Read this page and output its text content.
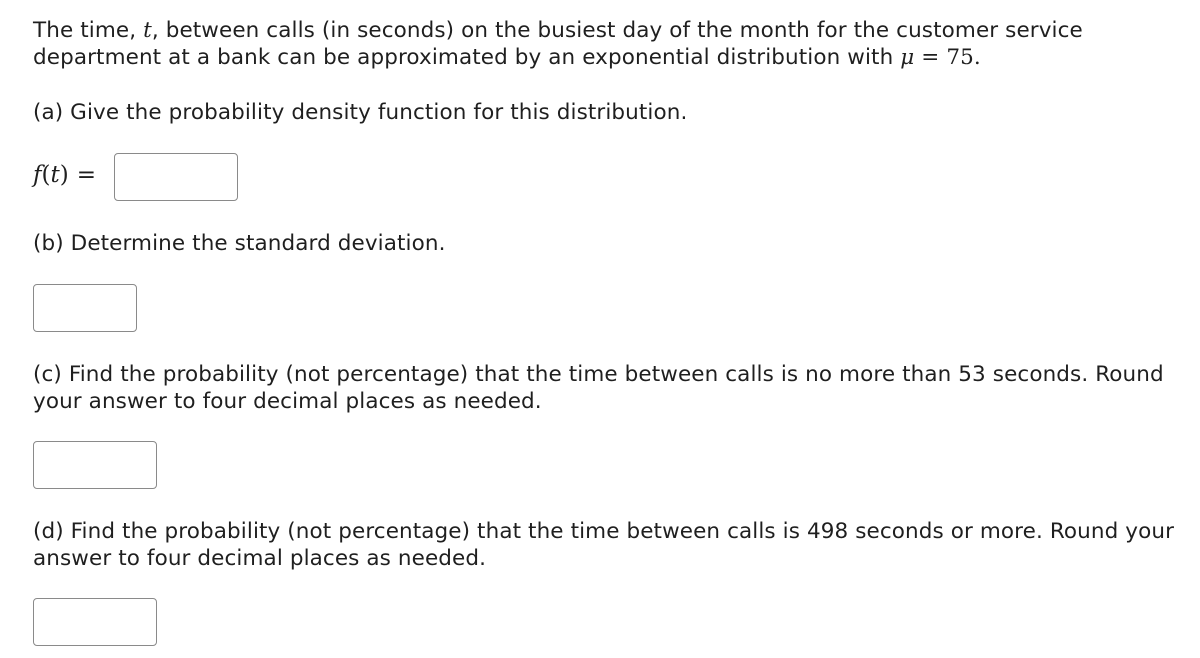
The time, t, between calls (in seconds) on the busiest day of the month for the customer service
department at a bank can be approximated by an exponential distribution with μ = 75.
(a) Give the probability density function for this distribution.
f(t) =
(b) Determine the standard deviation.
(c) Find the probability (not percentage) that the time between calls is no more than 53 seconds. Round
your answer to four decimal places as needed.
(d) Find the probability (not percentage) that the time between calls is 498 seconds or more. Round your
answer to four decimal places as needed.
